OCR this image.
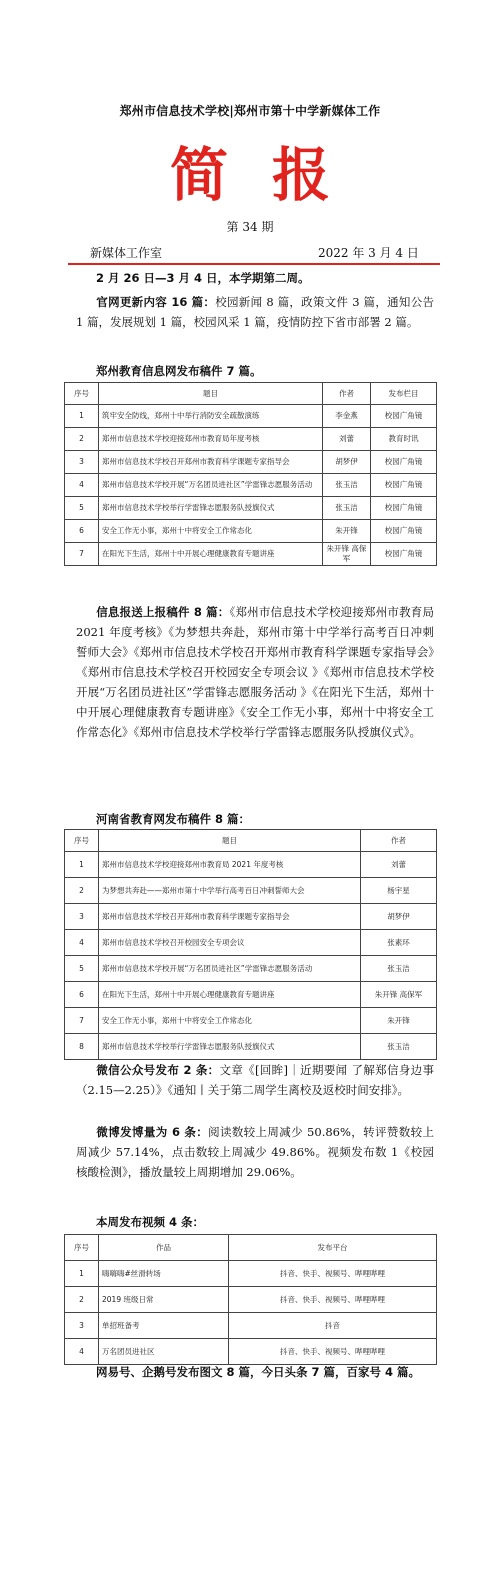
郑州市信息技术学校|郑州市第十中学新媒体工作
简报
第 34 期
新媒体工作室	2022 年 3 月 4 日
2 月 26 日—3 月 4 日，本学期第二周。
官网更新内容 16 篇：校园新闻 8 篇，政策文件 3 篇，通知公告 1 篇，发展规划 1 篇，校园风采 1 篇，疫情防控下省市部署 2 篇。
郑州教育信息网发布稿件 7 篇。
序号	题目	作者	发布栏目
1	筑牢安全防线，郑州十中举行消防安全疏散演练	李金燕	校园广角镜
2	郑州市信息技术学校迎接郑州市教育局年度考核	刘蕾	教育时讯
3	郑州市信息技术学校召开郑州市教育科学课题专家指导会	胡梦伊	校园广角镜
4	郑州市信息技术学校开展“万名团员进社区”学雷锋志愿服务活动	张玉洁	校园广角镜
5	郑州市信息技术学校举行学雷锋志愿服务队授旗仪式	张玉洁	校园广角镜
6	安全工作无小事，郑州十中将安全工作常态化	朱开锋	校园广角镜
7	在阳光下生活，郑州十中开展心理健康教育专题讲座	朱开锋 高保军	校园广角镜
信息报送上报稿件 8 篇：《郑州市信息技术学校迎接郑州市教育局 2021 年度考核》《为梦想共奔赴，郑州市第十中学举行高考百日冲刺誓师大会》《郑州市信息技术学校召开郑州市教育科学课题专家指导会》《郑州市信息技术学校召开校园安全专项会议 》《郑州市信息技术学校开展“万名团员进社区”学雷锋志愿服务活动 》《在阳光下生活，郑州十中开展心理健康教育专题讲座》《安全工作无小事，郑州十中将安全工作常态化》《郑州市信息技术学校举行学雷锋志愿服务队授旗仪式》。
河南省教育网发布稿件 8 篇：
序号	题目	作者
1	郑州市信息技术学校迎接郑州市教育局 2021 年度考核	刘蕾
2	为梦想共奔赴——郑州市第十中学举行高考百日冲刺誓师大会	杨宇星
3	郑州市信息技术学校召开郑州市教育科学课题专家指导会	胡梦伊
4	郑州市信息技术学校召开校园安全专项会议	张素环
5	郑州市信息技术学校开展“万名团员进社区”学雷锋志愿服务活动	张玉洁
6	在阳光下生活，郑州十中开展心理健康教育专题讲座	朱开锋 高保军
7	安全工作无小事，郑州十中将安全工作常态化	朱开锋
8	郑州市信息技术学校举行学雷锋志愿服务队授旗仪式	张玉洁
微信公众号发布 2 条：文章《[回眸]｜近期要闻 了解郑信身边事（2.15—2.25）》《通知丨关于第二周学生离校及返校时间安排》。
微博发博量为 6 条：阅读数较上周减少 50.86%，转评赞数较上周减少 57.14%，点击数较上周减少 49.86%。视频发布数 1《校园核酸检测》，播放量较上周期增加 29.06%。
本周发布视频 4 条：
序号	作品	发布平台
1	嗨嗨嗨#丝滑转场	抖音、快手、视频号、哔哩哔哩
2	2019 班级日常	抖音、快手、视频号、哔哩哔哩
3	单招班备考	抖音
4	万名团员进社区	抖音、快手、视频号、哔哩哔哩
网易号、企鹅号发布图文 8 篇，今日头条 7 篇，百家号 4 篇。
